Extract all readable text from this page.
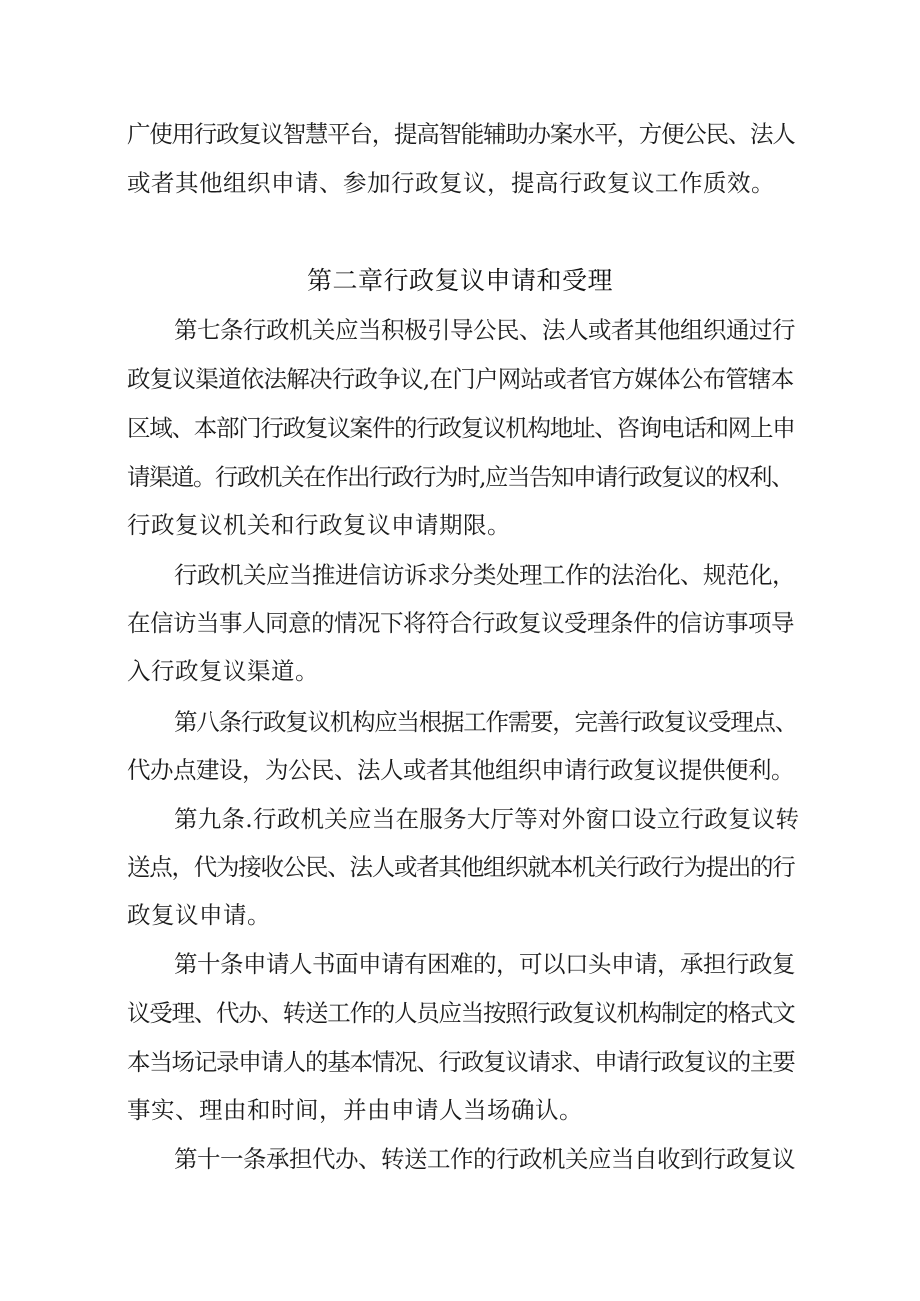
广使用行政复议智慧平台，提高智能辅助办案水平，方便公民、法人
或者其他组织申请、参加行政复议，提高行政复议工作质效。
第二章行政复议申请和受理
第七条行政机关应当积极引导公民、法人或者其他组织通过行
政复议渠道依法解决行政争议,在门户网站或者官方媒体公布管辖本
区域、本部门行政复议案件的行政复议机构地址、咨询电话和网上申
请渠道。行政机关在作出行政行为时,应当告知申请行政复议的权利、
行政复议机关和行政复议申请期限。
行政机关应当推进信访诉求分类处理工作的法治化、规范化，
在信访当事人同意的情况下将符合行政复议受理条件的信访事项导
入行政复议渠道。
第八条行政复议机构应当根据工作需要，完善行政复议受理点、
代办点建设，为公民、法人或者其他组织申请行政复议提供便利。
第九条.行政机关应当在服务大厅等对外窗口设立行政复议转
送点，代为接收公民、法人或者其他组织就本机关行政行为提出的行
政复议申请。
第十条申请人书面申请有困难的，可以口头申请，承担行政复
议受理、代办、转送工作的人员应当按照行政复议机构制定的格式文
本当场记录申请人的基本情况、行政复议请求、申请行政复议的主要
事实、理由和时间，并由申请人当场确认。
第十一条承担代办、转送工作的行政机关应当自收到行政复议
